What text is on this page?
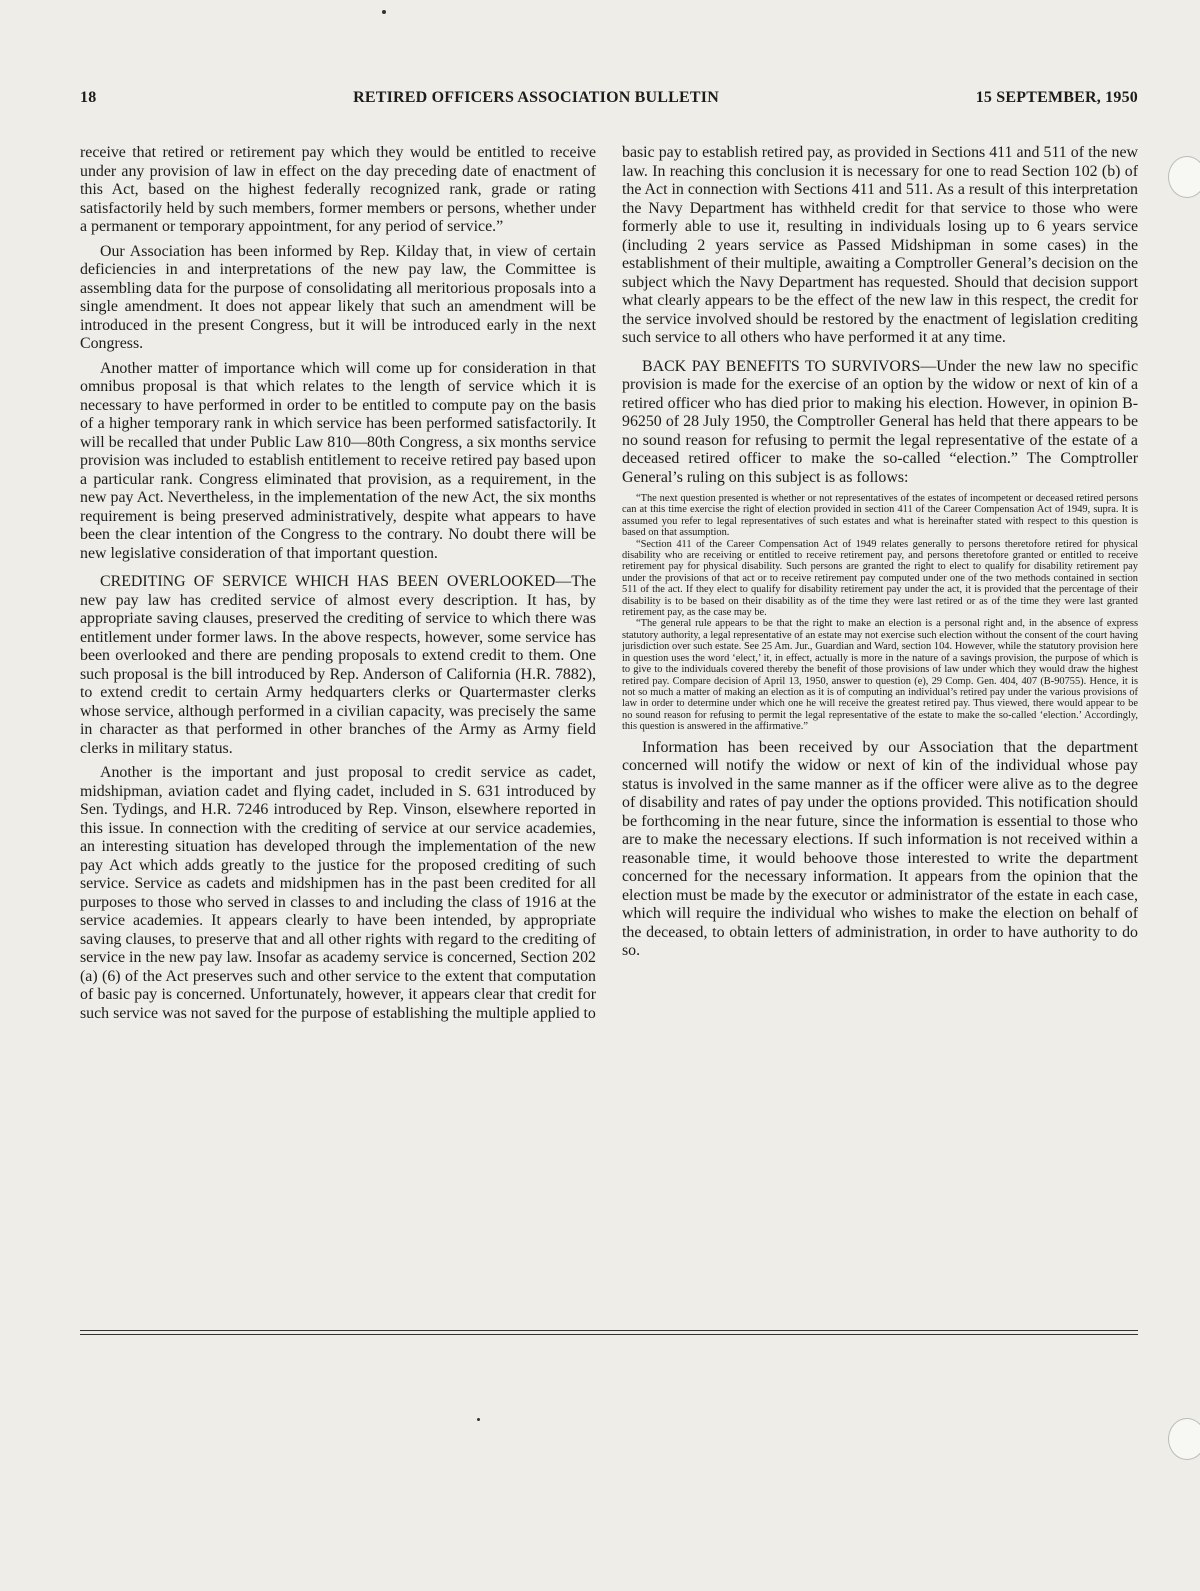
18	RETIRED OFFICERS ASSOCIATION BULLETIN	15 SEPTEMBER, 1950

receive that retired or retirement pay which they would be entitled to receive under any provision of law in effect on the day preceding date of enactment of this Act, based on the highest federally recognized rank, grade or rating satisfactorily held by such members, former members or persons, whether under a permanent or temporary appointment, for any period of service.”

Our Association has been informed by Rep. Kilday that, in view of certain deficiencies in and interpretations of the new pay law, the Committee is assembling data for the purpose of consolidating all meritorious proposals into a single amendment. It does not appear likely that such an amendment will be introduced in the present Congress, but it will be introduced early in the next Congress.

Another matter of importance which will come up for consideration in that omnibus proposal is that which relates to the length of service which it is necessary to have performed in order to be entitled to compute pay on the basis of a higher temporary rank in which service has been performed satisfactorily. It will be recalled that under Public Law 810—80th Congress, a six months service provision was included to establish entitlement to receive retired pay based upon a particular rank. Congress eliminated that provision, as a requirement, in the new pay Act. Nevertheless, in the implementation of the new Act, the six months requirement is being preserved administratively, despite what appears to have been the clear intention of the Congress to the contrary. No doubt there will be new legislative consideration of that important question.

CREDITING OF SERVICE WHICH HAS BEEN OVERLOOKED—The new pay law has credited service of almost every description. It has, by appropriate saving clauses, preserved the crediting of service to which there was entitlement under former laws. In the above respects, however, some service has been overlooked and there are pending proposals to extend credit to them. One such proposal is the bill introduced by Rep. Anderson of California (H.R. 7882), to extend credit to certain Army hedquarters clerks or Quartermaster clerks whose service, although performed in a civilian capacity, was precisely the same in character as that performed in other branches of the Army as Army field clerks in military status.

Another is the important and just proposal to credit service as cadet, midshipman, aviation cadet and flying cadet, included in S. 631 introduced by Sen. Tydings, and H.R. 7246 introduced by Rep. Vinson, elsewhere reported in this issue. In connection with the crediting of service at our service academies, an interesting situation has developed through the implementation of the new pay Act which adds greatly to the justice for the proposed crediting of such service. Service as cadets and midshipmen has in the past been credited for all purposes to those who served in classes to and including the class of 1916 at the service academies. It appears clearly to have been intended, by appropriate saving clauses, to preserve that and all other rights with regard to the crediting of service in the new pay law. Insofar as academy service is concerned, Section 202 (a) (6) of the Act preserves such and other service to the extent that computation of basic pay is concerned. Unfortunately, however, it appears clear that credit for such service was not saved for the purpose of establishing the multiple applied to

basic pay to establish retired pay, as provided in Sections 411 and 511 of the new law. In reaching this conclusion it is necessary for one to read Section 102 (b) of the Act in connection with Sections 411 and 511. As a result of this interpretation the Navy Department has withheld credit for that service to those who were formerly able to use it, resulting in individuals losing up to 6 years service (including 2 years service as Passed Midshipman in some cases) in the establishment of their multiple, awaiting a Comptroller General’s decision on the subject which the Navy Department has requested. Should that decision support what clearly appears to be the effect of the new law in this respect, the credit for the service involved should be restored by the enactment of legislation crediting such service to all others who have performed it at any time.

BACK PAY BENEFITS TO SURVIVORS—Under the new law no specific provision is made for the exercise of an option by the widow or next of kin of a retired officer who has died prior to making his election. However, in opinion B-96250 of 28 July 1950, the Comptroller General has held that there appears to be no sound reason for refusing to permit the legal representative of the estate of a deceased retired officer to make the so-called “election.” The Comptroller General’s ruling on this subject is as follows:

“The next question presented is whether or not representatives of the estates of incompetent or deceased retired persons can at this time exercise the right of election provided in section 411 of the Career Compensation Act of 1949, supra. It is assumed you refer to legal representatives of such estates and what is hereinafter stated with respect to this question is based on that assumption.

“Section 411 of the Career Compensation Act of 1949 relates generally to persons theretofore retired for physical disability who are receiving or entitled to receive retirement pay, and persons theretofore granted or entitled to receive retirement pay for physical disability. Such persons are granted the right to elect to qualify for disability retirement pay under the provisions of that act or to receive retirement pay computed under one of the two methods contained in section 511 of the act. If they elect to qualify for disability retirement pay under the act, it is provided that the percentage of their disability is to be based on their disability as of the time they were last retired or as of the time they were last granted retirement pay, as the case may be.

“The general rule appears to be that the right to make an election is a personal right and, in the absence of express statutory authority, a legal representative of an estate may not exercise such election without the consent of the court having jurisdiction over such estate. See 25 Am. Jur., Guardian and Ward, section 104. However, while the statutory provision here in question uses the word ‘elect,’ it, in effect, actually is more in the nature of a savings provision, the purpose of which is to give to the individuals covered thereby the benefit of those provisions of law under which they would draw the highest retired pay. Compare decision of April 13, 1950, answer to question (e), 29 Comp. Gen. 404, 407 (B-90755). Hence, it is not so much a matter of making an election as it is of computing an individual’s retired pay under the various provisions of law in order to determine under which one he will receive the greatest retired pay. Thus viewed, there would appear to be no sound reason for refusing to permit the legal representative of the estate to make the so-called ‘election.’ Accordingly, this question is answered in the affirmative.”

Information has been received by our Association that the department concerned will notify the widow or next of kin of the individual whose pay status is involved in the same manner as if the officer were alive as to the degree of disability and rates of pay under the options provided. This notification should be forthcoming in the near future, since the information is essential to those who are to make the necessary elections. If such information is not received within a reasonable time, it would behoove those interested to write the department concerned for the necessary information. It appears from the opinion that the election must be made by the executor or administrator of the estate in each case, which will require the individual who wishes to make the election on behalf of the deceased, to obtain letters of administration, in order to have authority to do so.
